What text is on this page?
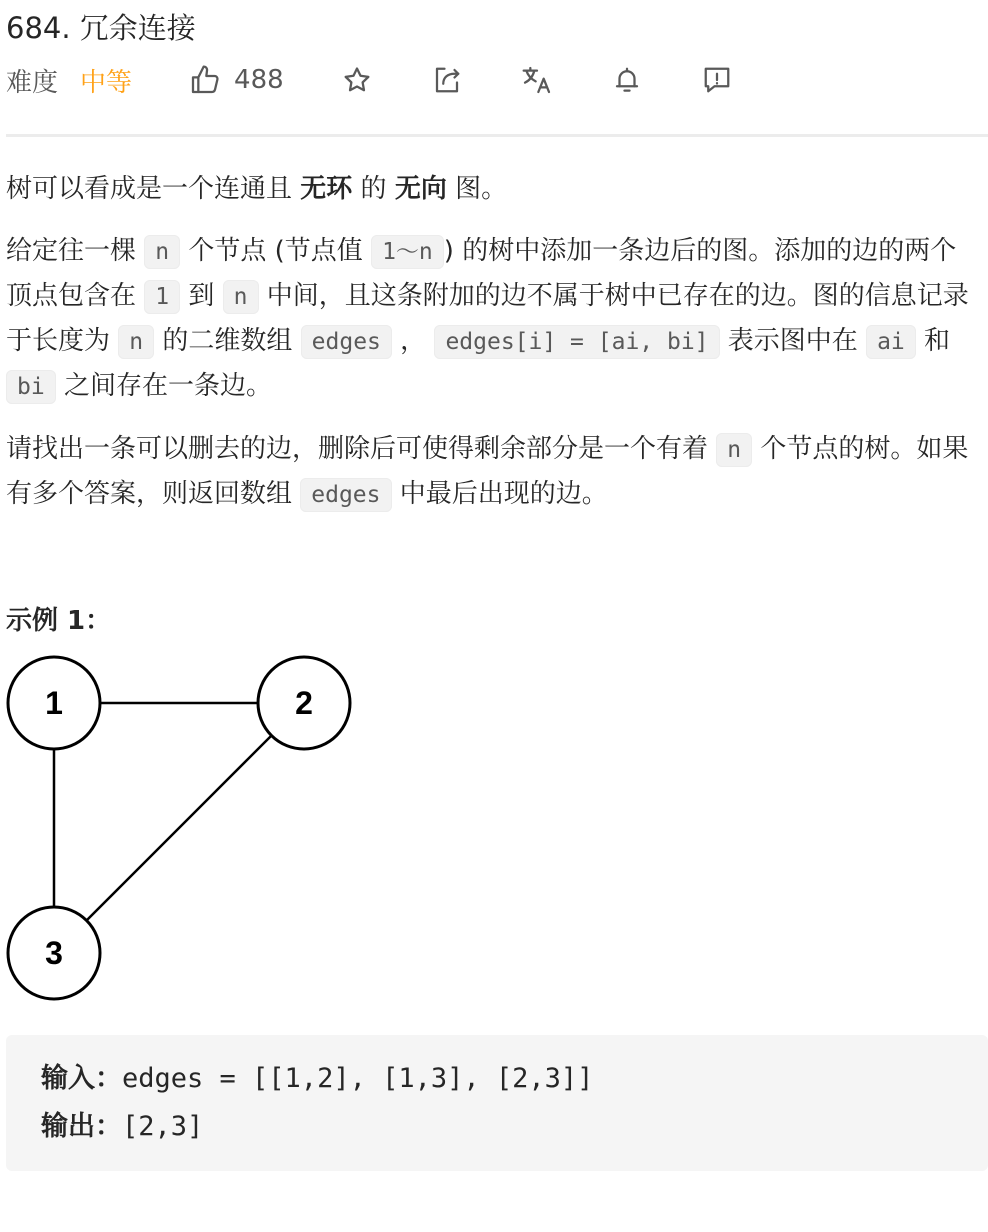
684. 冗余连接
难度 中等	488

树可以看成是一个连通且 无环 的 无向 图。

给定往一棵 n 个节点 (节点值 1～n ) 的树中添加一条边后的图。添加的边的两个顶点包含在 1 到 n 中间，且这条附加的边不属于树中已存在的边。图的信息记录于长度为 n 的二维数组 edges ， edges[i] = [ai, bi] 表示图中在 ai 和 bi 之间存在一条边。

请找出一条可以删去的边，删除后可使得剩余部分是一个有着 n 个节点的树。如果有多个答案，则返回数组 edges 中最后出现的边。

示例 1：

1	2
3
输入：edges = [[1,2], [1,3], [2,3]]
输出：[2,3]
